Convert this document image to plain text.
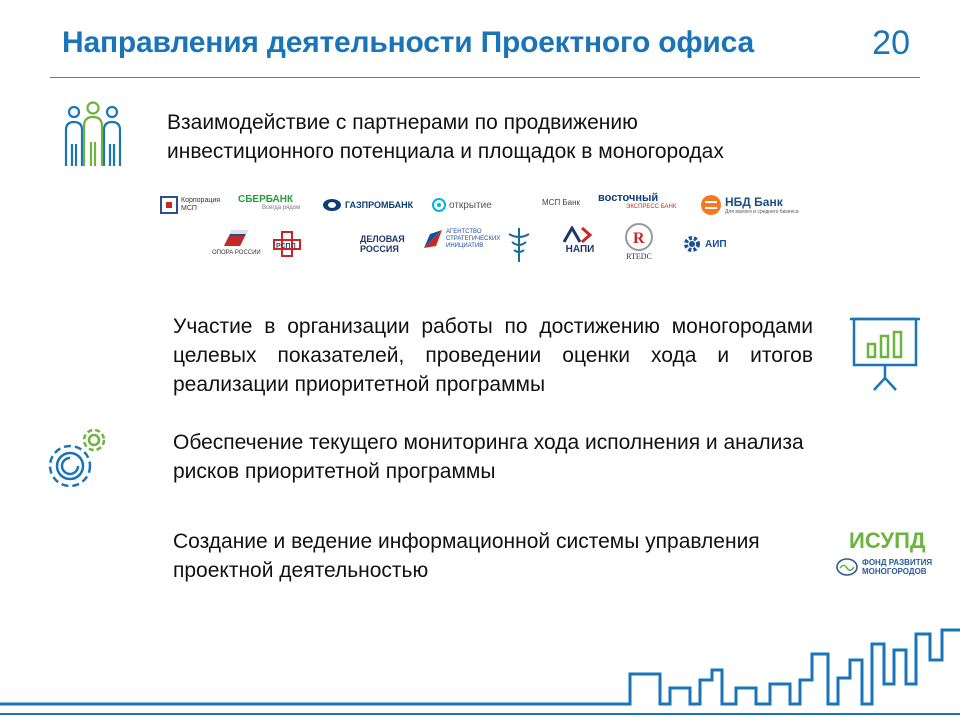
Направления деятельности Проектного офиса	20
Взаимодействие с партнерами по продвижению инвестиционного потенциала и площадок в моногородах
Корпорация МСП
СБЕРБАНК
Всегда рядом	ГАЗПРОМБАНК	открытие	МСП Банк восточный
ЭКСПРЕСС БАНК	НБД Банк
Для малого и среднего бизнеса
ОПОРА РОССИИ
РСПП
ДЕЛОВАЯ РОССИЯ
АГЕНТСТВО СТРАТЕГИЧЕСКИХ ИНИЦИАТИВ	НАПИ
R
RTEDC
АИП
Участие в организации работы по достижению моногородами целевых показателей, проведении оценки хода и итогов реализации приоритетной программы
Обеспечение текущего мониторинга хода исполнения и анализа рисков приоритетной программы
Создание и ведение информационной системы управления проектной деятельностью
ИСУПД
ФОНД РАЗВИТИЯ
МОНОГОРОДОВ
